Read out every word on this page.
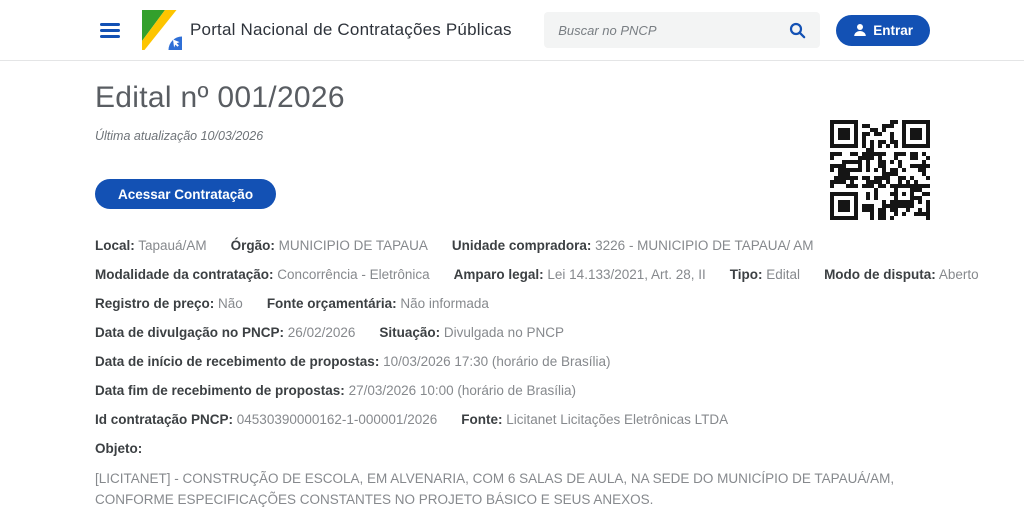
Portal Nacional de Contratações Públicas
Buscar no PNCP	Entrar
Edital nº 001/2026
Última atualização 10/03/2026
Acessar Contratação
Local: Tapauá/AM Órgão: MUNICIPIO DE TAPAUA Unidade compradora: 3226 - MUNICIPIO DE TAPAUA/ AM
Modalidade da contratação: Concorrência - Eletrônica Amparo legal: Lei 14.133/2021, Art. 28, II Tipo: Edital Modo de disputa: Aberto
Registro de preço: Não Fonte orçamentária: Não informada
Data de divulgação no PNCP: 26/02/2026 Situação: Divulgada no PNCP
Data de início de recebimento de propostas: 10/03/2026 17:30 (horário de Brasília)
Data fim de recebimento de propostas: 27/03/2026 10:00 (horário de Brasília)
Id contratação PNCP: 04530390000162-1-000001/2026 Fonte: Licitanet Licitações Eletrônicas LTDA
Objeto:

[LICITANET] - CONSTRUÇÃO DE ESCOLA, EM ALVENARIA, COM 6 SALAS DE AULA, NA SEDE DO MUNICÍPIO DE TAPAUÁ/AM, CONFORME ESPECIFICAÇÕES CONSTANTES NO PROJETO BÁSICO E SEUS ANEXOS.
